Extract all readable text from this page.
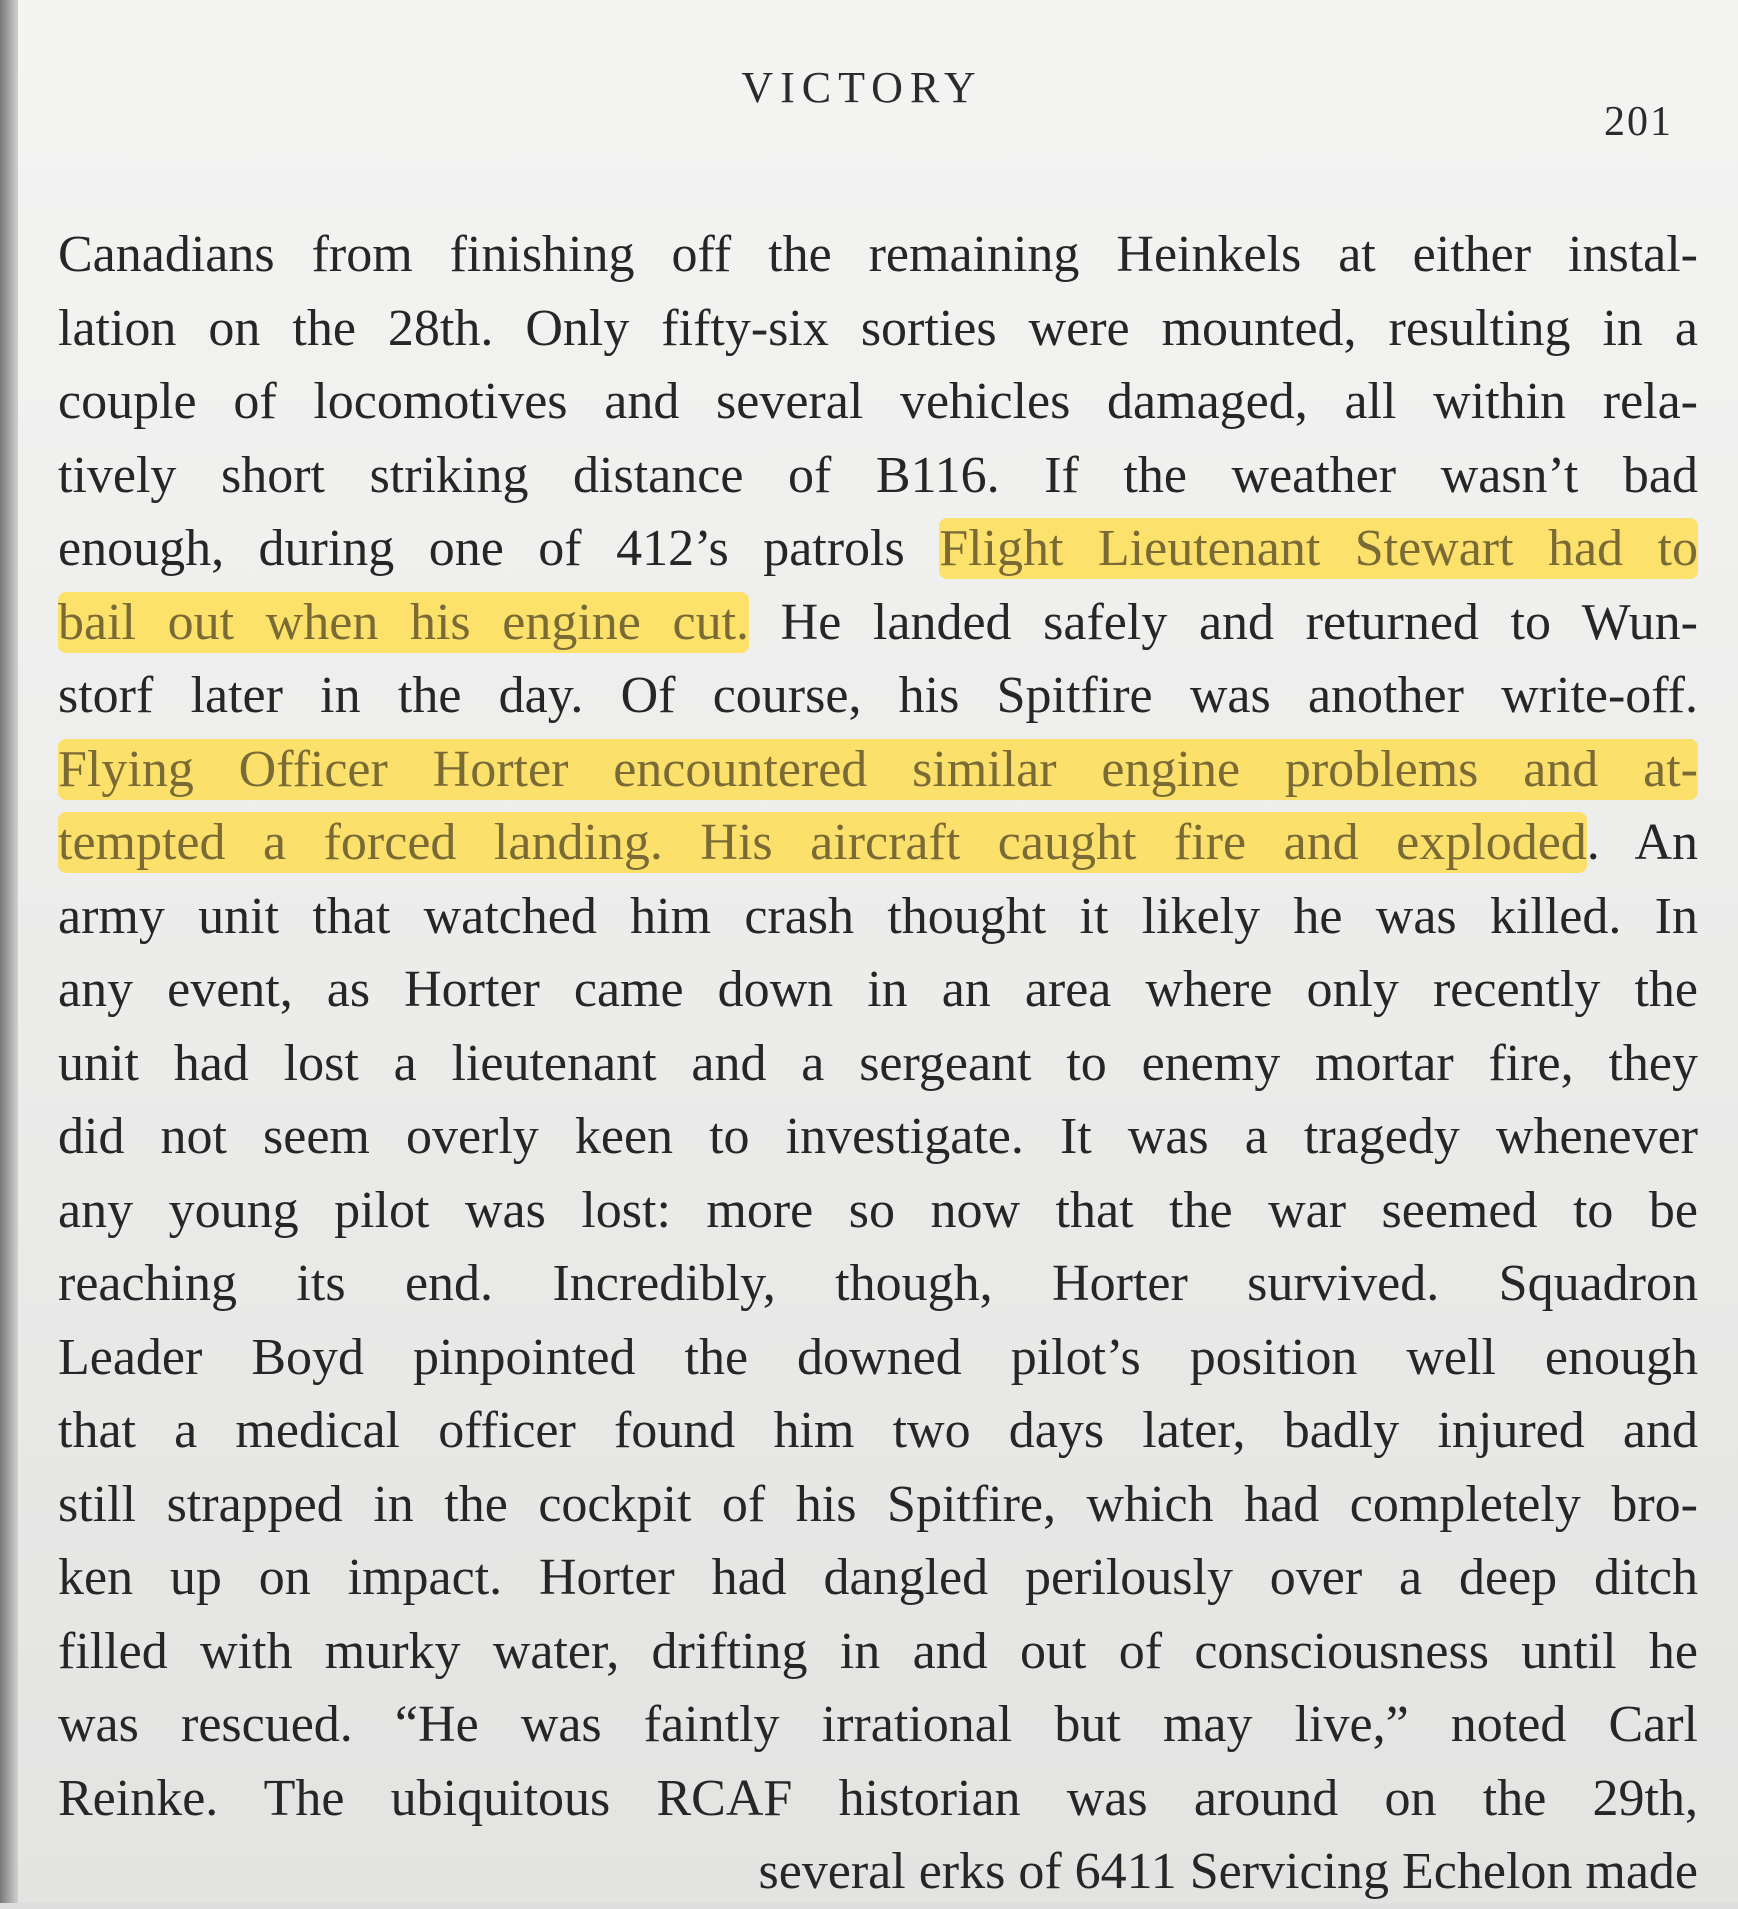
VICTORY
201
Canadians from finishing off the remaining Heinkels at either instal-
lation on the 28th. Only fifty-six sorties were mounted, resulting in a
couple of locomotives and several vehicles damaged, all within rela-
tively short striking distance of B116. If the weather wasn’t bad
enough, during one of 412’s patrols Flight Lieutenant Stewart had to
bail out when his engine cut. He landed safely and returned to Wun-
storf later in the day. Of course, his Spitfire was another write-off.
Flying Officer Horter encountered similar engine problems and at-
tempted a forced landing. His aircraft caught fire and exploded. An
army unit that watched him crash thought it likely he was killed. In
any event, as Horter came down in an area where only recently the
unit had lost a lieutenant and a sergeant to enemy mortar fire, they
did not seem overly keen to investigate. It was a tragedy whenever
any young pilot was lost: more so now that the war seemed to be
reaching its end. Incredibly, though, Horter survived. Squadron
Leader Boyd pinpointed the downed pilot’s position well enough
that a medical officer found him two days later, badly injured and
still strapped in the cockpit of his Spitfire, which had completely bro-
ken up on impact. Horter had dangled perilously over a deep ditch
filled with murky water, drifting in and out of consciousness until he
was rescued. “He was faintly irrational but may live,” noted Carl
Reinke. The ubiquitous RCAF historian was around on the 29th,
several erks of 6411 Servicing Echelon made
